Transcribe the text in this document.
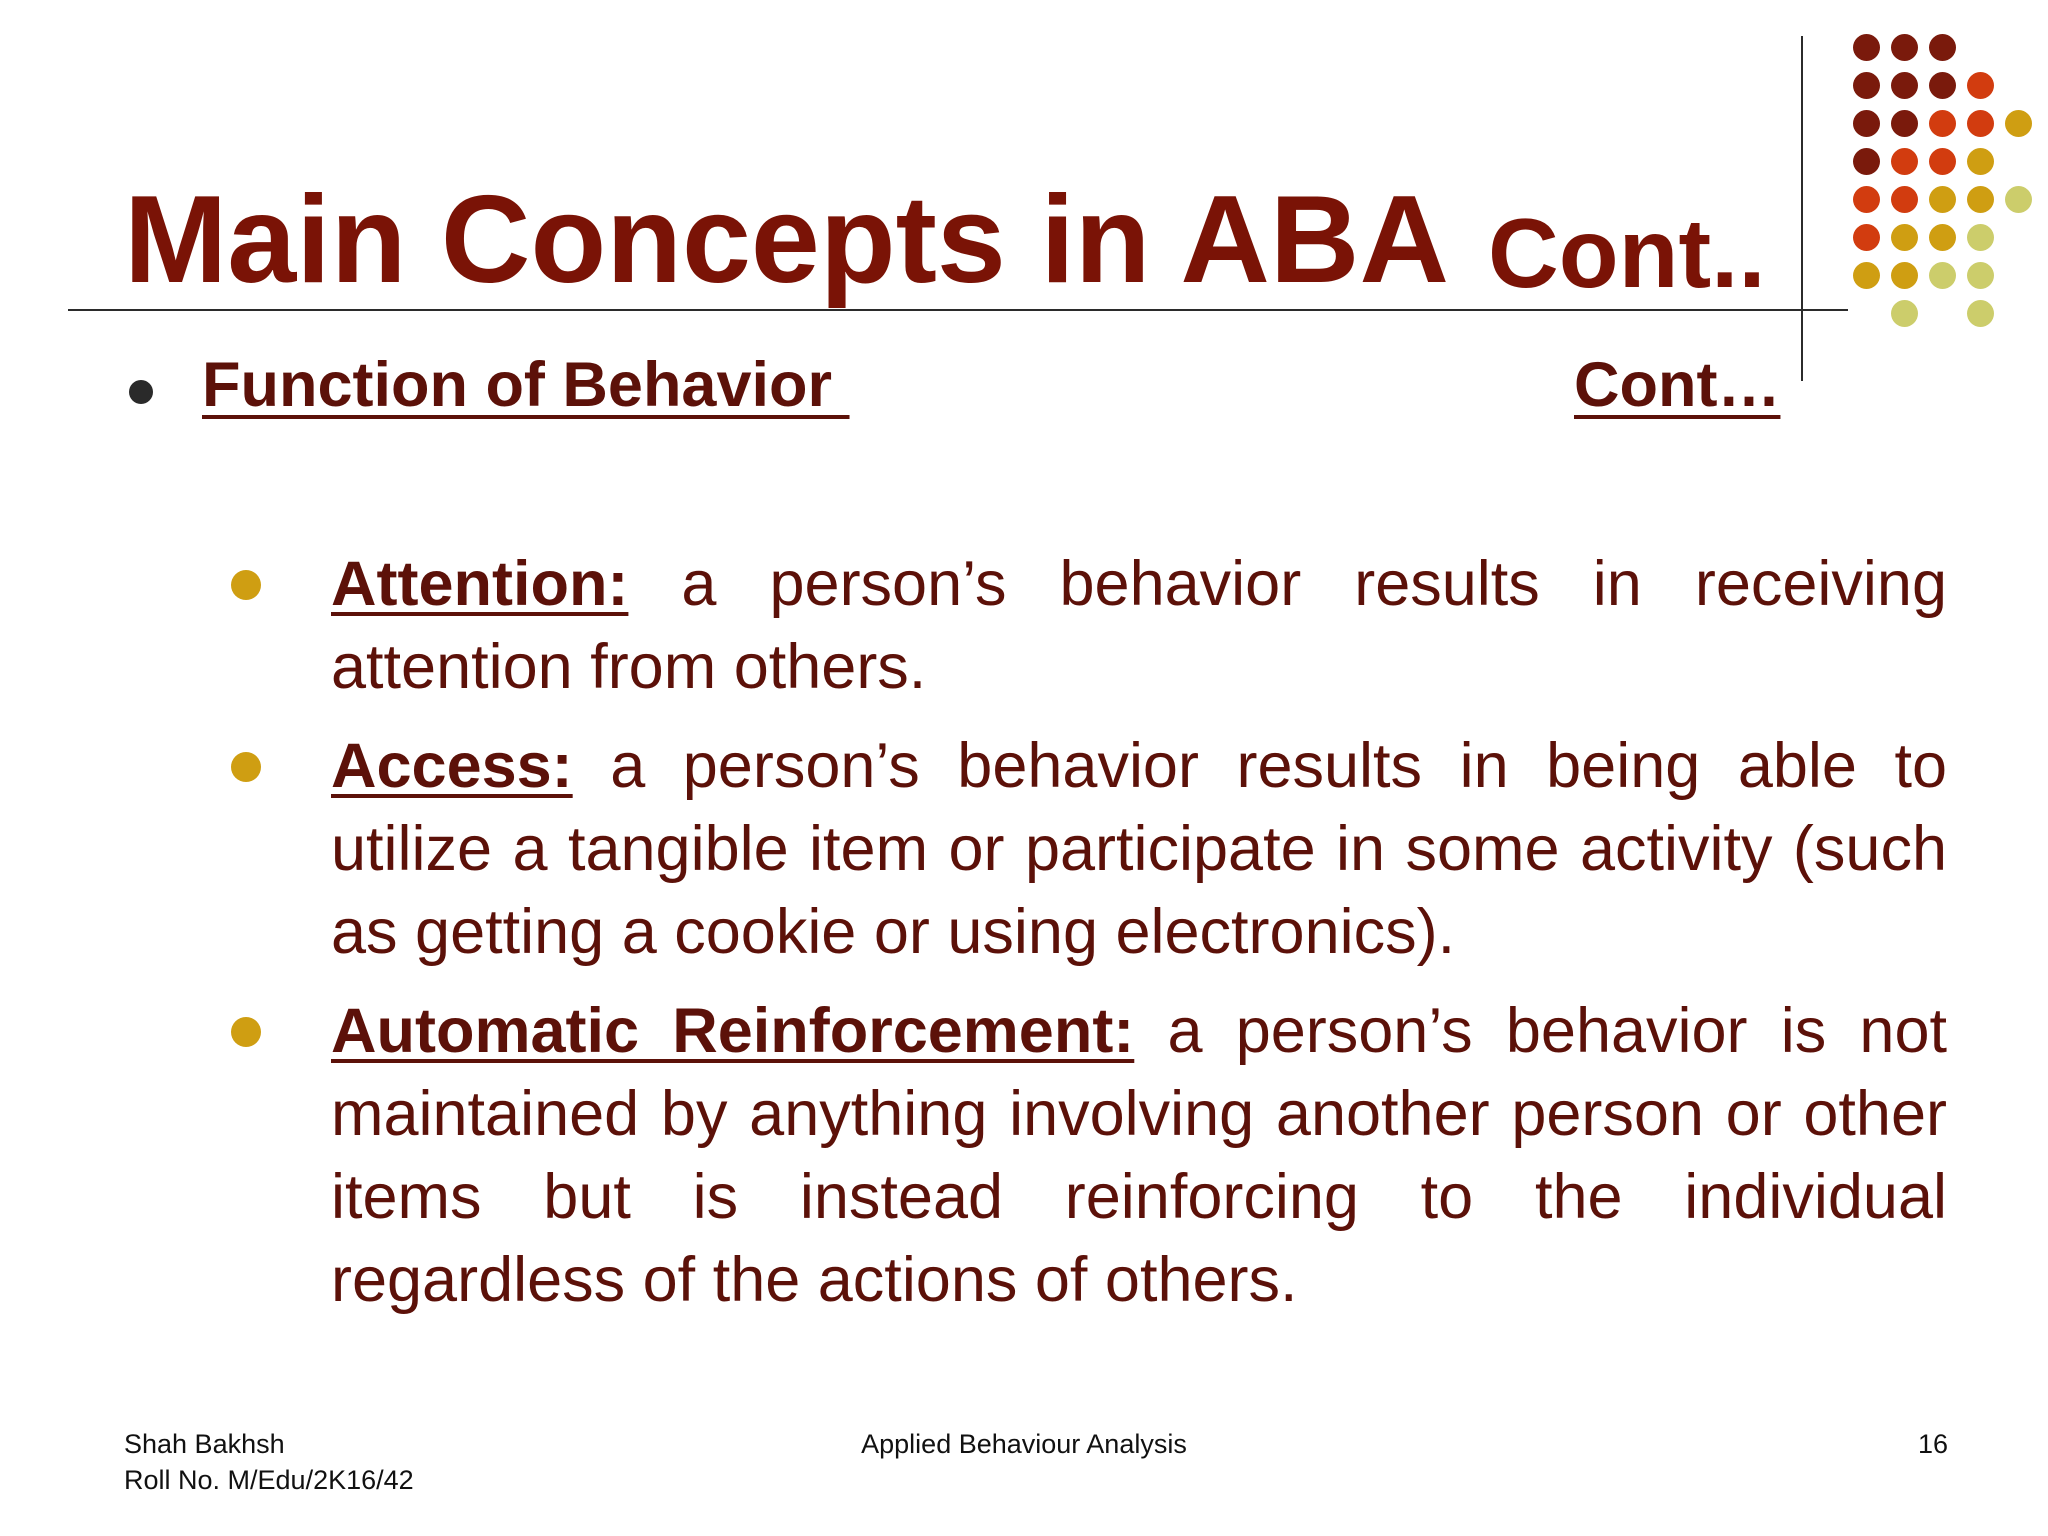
Main Concepts in ABA Cont..
Function of Behavior	Cont…

Attention: a person’s behavior results in receiving attention from others.

Access: a person’s behavior results in being able to utilize a tangible item or participate in some activity (such as getting a cookie or using electronics).

Automatic Reinforcement: a person’s behavior is not maintained by anything involving another person or other items but is instead reinforcing to the individual regardless of the actions of others.

Shah Bakhsh
Roll No. M/Edu/2K16/42
Applied Behaviour Analysis	16
